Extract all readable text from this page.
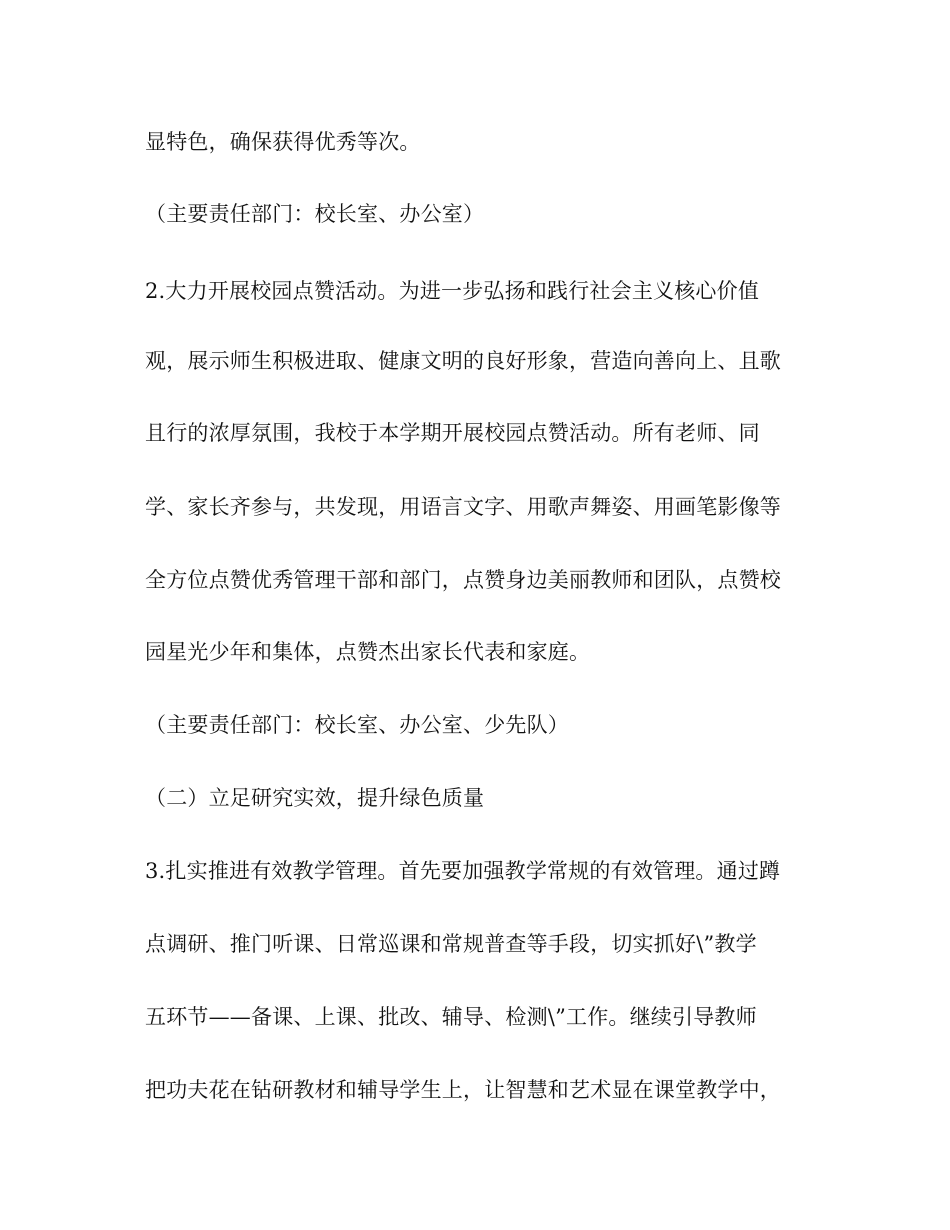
显特色，确保获得优秀等次。
（主要责任部门：校长室、办公室）
2.大力开展校园点赞活动。为进一步弘扬和践行社会主义核心价值
观，展示师生积极进取、健康文明的良好形象，营造向善向上、且歌
且行的浓厚氛围，我校于本学期开展校园点赞活动。所有老师、同
学、家长齐参与，共发现，用语言文字、用歌声舞姿、用画笔影像等
全方位点赞优秀管理干部和部门，点赞身边美丽教师和团队，点赞校
园星光少年和集体，点赞杰出家长代表和家庭。
（主要责任部门：校长室、办公室、少先队）
（二）立足研究实效，提升绿色质量
3.扎实推进有效教学管理。首先要加强教学常规的有效管理。通过蹲
点调研、推门听课、日常巡课和常规普查等手段，切实抓好\”教学
五环节——备课、上课、批改、辅导、检测\”工作。继续引导教师
把功夫花在钻研教材和辅导学生上，让智慧和艺术显在课堂教学中，
